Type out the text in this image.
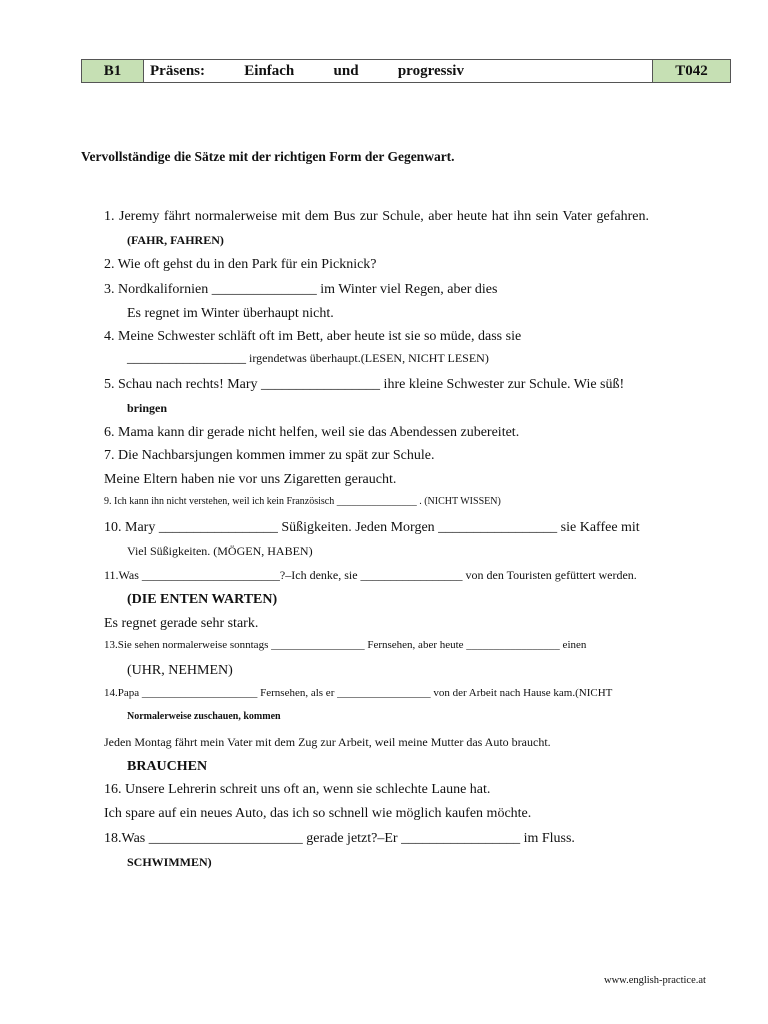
B1	Präsens:	Einfach	und	progressiv	T042
Vervollständige die Sätze mit der richtigen Form der Gegenwart.
1. Jeremy fährt normalerweise mit dem Bus zur Schule, aber heute hat ihn sein Vater gefahren.
(FAHR, FAHREN)
2. Wie oft gehst du in den Park für ein Picknick?
3. Nordkalifornien _______________ im Winter viel Regen, aber dies
Es regnet im Winter überhaupt nicht.
4. Meine Schwester schläft oft im Bett, aber heute ist sie so müde, dass sie
_________________ irgendetwas überhaupt.(LESEN, NICHT LESEN)
5. Schau nach rechts! Mary _________________ ihre kleine Schwester zur Schule. Wie süß!
bringen
6. Mama kann dir gerade nicht helfen, weil sie das Abendessen zubereitet.
7. Die Nachbarsjungen kommen immer zu spät zur Schule.
Meine Eltern haben nie vor uns Zigaretten geraucht.
9. Ich kann ihn nicht verstehen, weil ich kein Französisch ________________ . (NICHT WISSEN)
10. Mary _________________ Süßigkeiten. Jeden Morgen _________________ sie Kaffee mit
Viel Süßigkeiten. (MÖGEN, HABEN)
11.Was _______________________?–Ich denke, sie _________________ von den Touristen gefüttert werden.
(DIE ENTEN WARTEN)
Es regnet gerade sehr stark.
13.Sie sehen normalerweise sonntags _________________ Fernsehen, aber heute _________________ einen
(UHR, NEHMEN)
14.Papa _____________________ Fernsehen, als er _________________ von der Arbeit nach Hause kam.(NICHT
Normalerweise zuschauen, kommen
Jeden Montag fährt mein Vater mit dem Zug zur Arbeit, weil meine Mutter das Auto braucht.
BRAUCHEN
16. Unsere Lehrerin schreit uns oft an, wenn sie schlechte Laune hat.
Ich spare auf ein neues Auto, das ich so schnell wie möglich kaufen möchte.
18.Was ______________________ gerade jetzt?–Er _________________ im Fluss.
SCHWIMMEN)
www.english-practice.at
